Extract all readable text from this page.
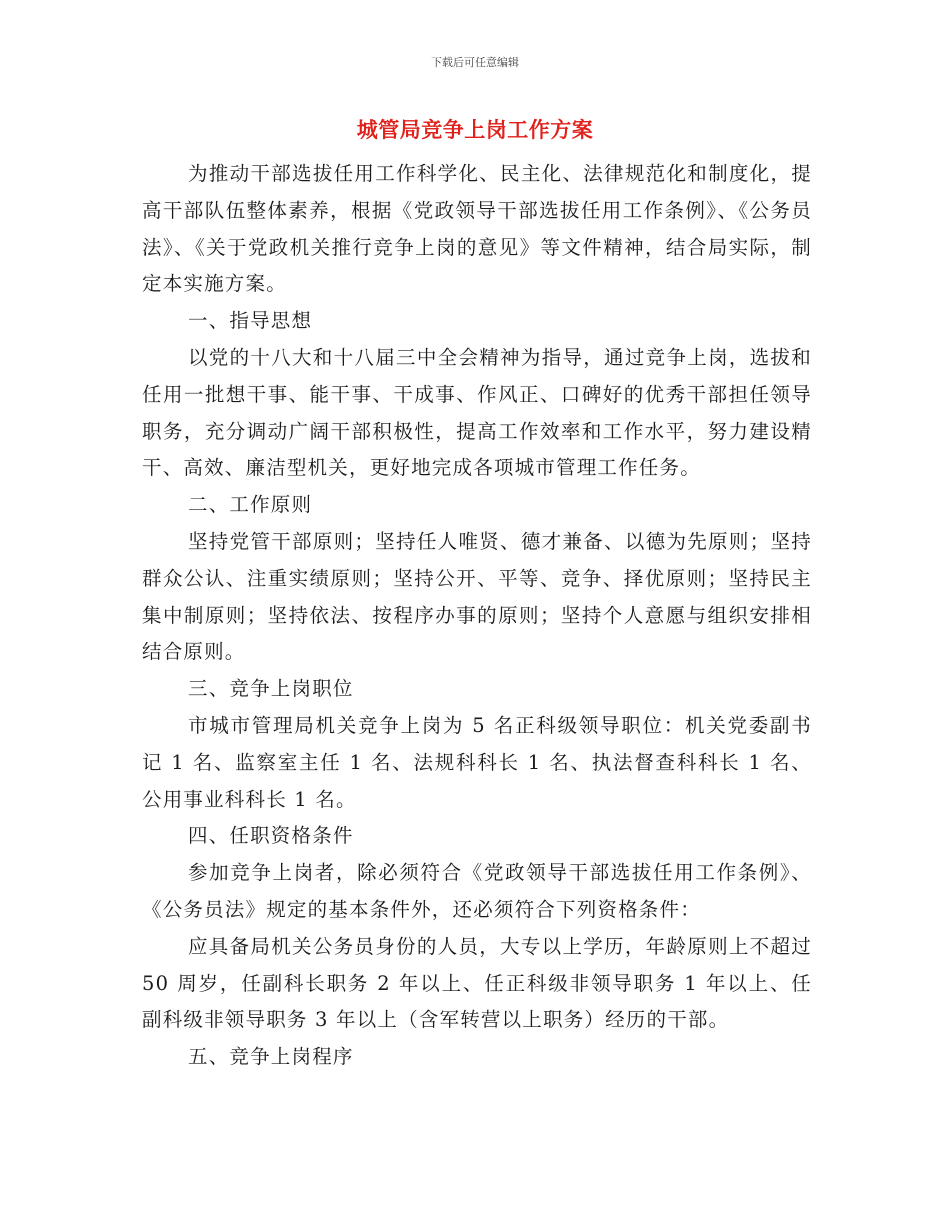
下载后可任意编辑
城管局竞争上岗工作方案

为推动干部选拔任用工作科学化、民主化、法律规范化和制度化，提高干部队伍整体素养，根据《党政领导干部选拔任用工作条例》、《公务员法》、《关于党政机关推行竞争上岗的意见》等文件精神，结合局实际，制定本实施方案。

一、指导思想

以党的十八大和十八届三中全会精神为指导，通过竞争上岗，选拔和任用一批想干事、能干事、干成事、作风正、口碑好的优秀干部担任领导职务，充分调动广阔干部积极性，提高工作效率和工作水平，努力建设精干、高效、廉洁型机关，更好地完成各项城市管理工作任务。

二、工作原则

坚持党管干部原则；坚持任人唯贤、德才兼备、以德为先原则；坚持群众公认、注重实绩原则；坚持公开、平等、竞争、择优原则；坚持民主集中制原则；坚持依法、按程序办事的原则；坚持个人意愿与组织安排相结合原则。

三、竞争上岗职位

市城市管理局机关竞争上岗为 5 名正科级领导职位：机关党委副书记 1 名、监察室主任 1 名、法规科科长 1 名、执法督查科科长 1 名、公用事业科科长 1 名。

四、任职资格条件

参加竞争上岗者，除必须符合《党政领导干部选拔任用工作条例》、《公务员法》规定的基本条件外，还必须符合下列资格条件：

应具备局机关公务员身份的人员，大专以上学历，年龄原则上不超过 50 周岁，任副科长职务 2 年以上、任正科级非领导职务 1 年以上、任副科级非领导职务 3 年以上（含军转营以上职务）经历的干部。

五、竞争上岗程序
